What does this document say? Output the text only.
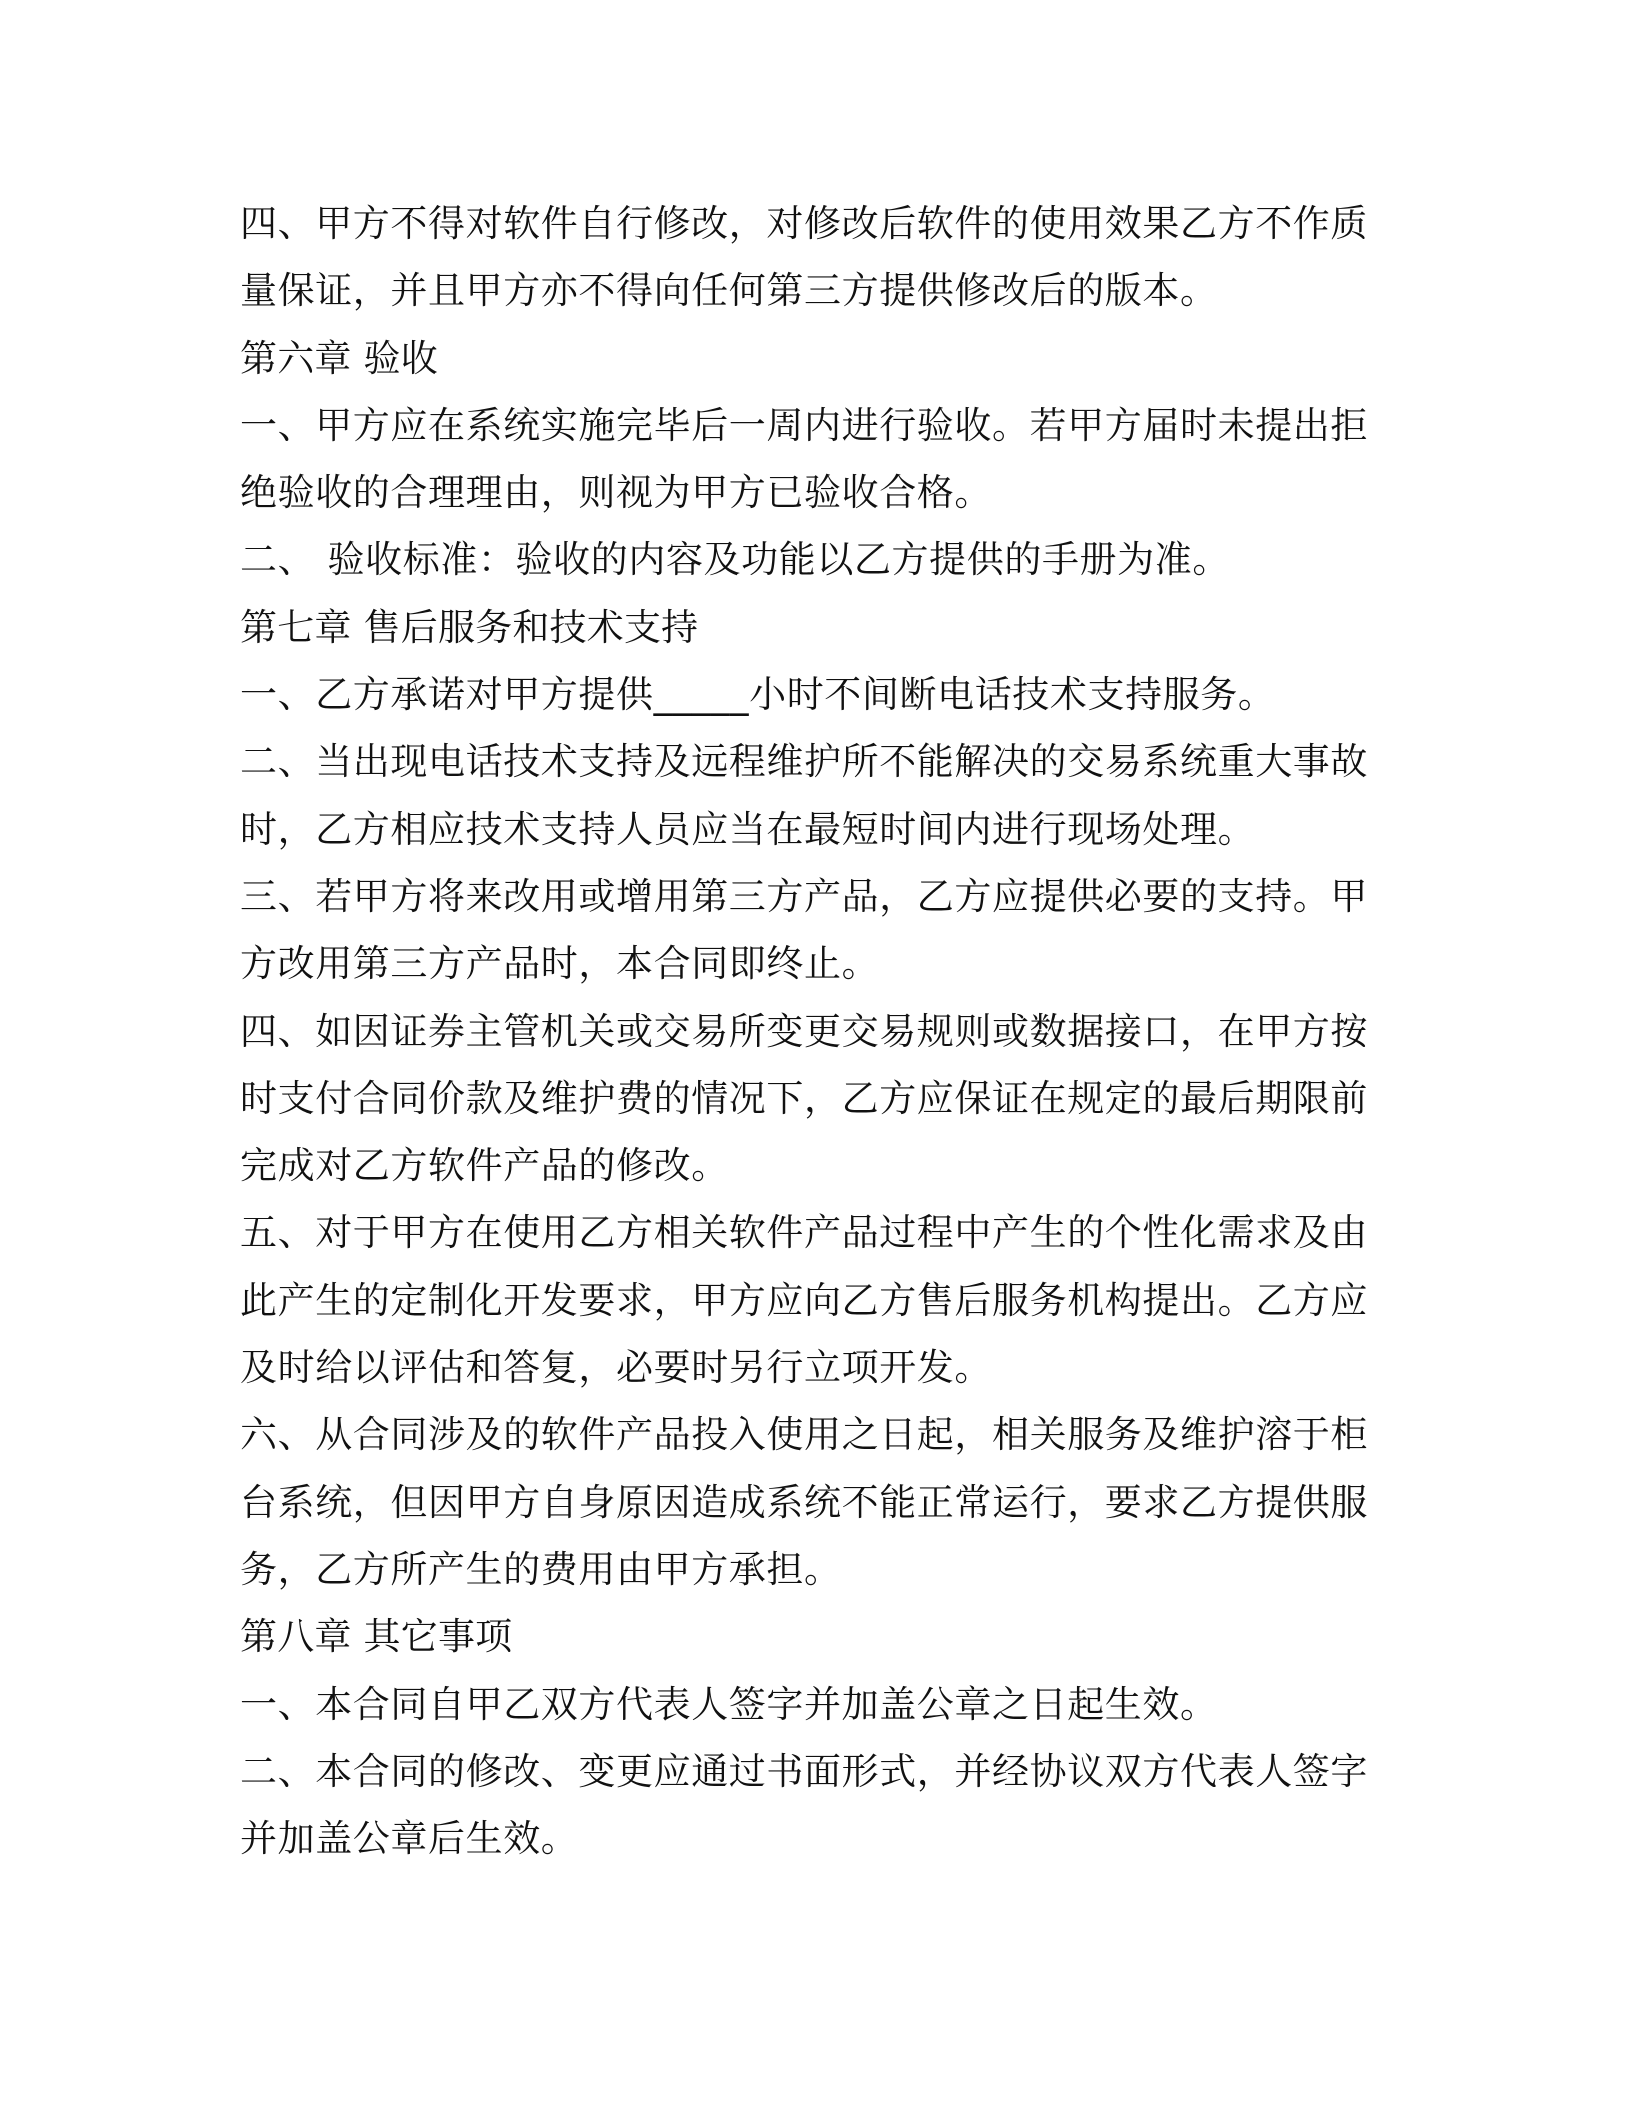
四、甲方不得对软件自行修改，对修改后软件的使用效果乙方不作质
量保证，并且甲方亦不得向任何第三方提供修改后的版本。
第六章 验收
一、甲方应在系统实施完毕后一周内进行验收。若甲方届时未提出拒
绝验收的合理理由，则视为甲方已验收合格。
二、 验收标准：验收的内容及功能以乙方提供的手册为准。
第七章 售后服务和技术支持
一、乙方承诺对甲方提供_____小时不间断电话技术支持服务。
二、当出现电话技术支持及远程维护所不能解决的交易系统重大事故
时，乙方相应技术支持人员应当在最短时间内进行现场处理。
三、若甲方将来改用或增用第三方产品，乙方应提供必要的支持。甲
方改用第三方产品时，本合同即终止。
四、如因证券主管机关或交易所变更交易规则或数据接口，在甲方按
时支付合同价款及维护费的情况下，乙方应保证在规定的最后期限前
完成对乙方软件产品的修改。
五、对于甲方在使用乙方相关软件产品过程中产生的个性化需求及由
此产生的定制化开发要求，甲方应向乙方售后服务机构提出。乙方应
及时给以评估和答复，必要时另行立项开发。
六、从合同涉及的软件产品投入使用之日起，相关服务及维护溶于柜
台系统，但因甲方自身原因造成系统不能正常运行，要求乙方提供服
务，乙方所产生的费用由甲方承担。
第八章 其它事项
一、本合同自甲乙双方代表人签字并加盖公章之日起生效。
二、本合同的修改、变更应通过书面形式，并经协议双方代表人签字
并加盖公章后生效。
